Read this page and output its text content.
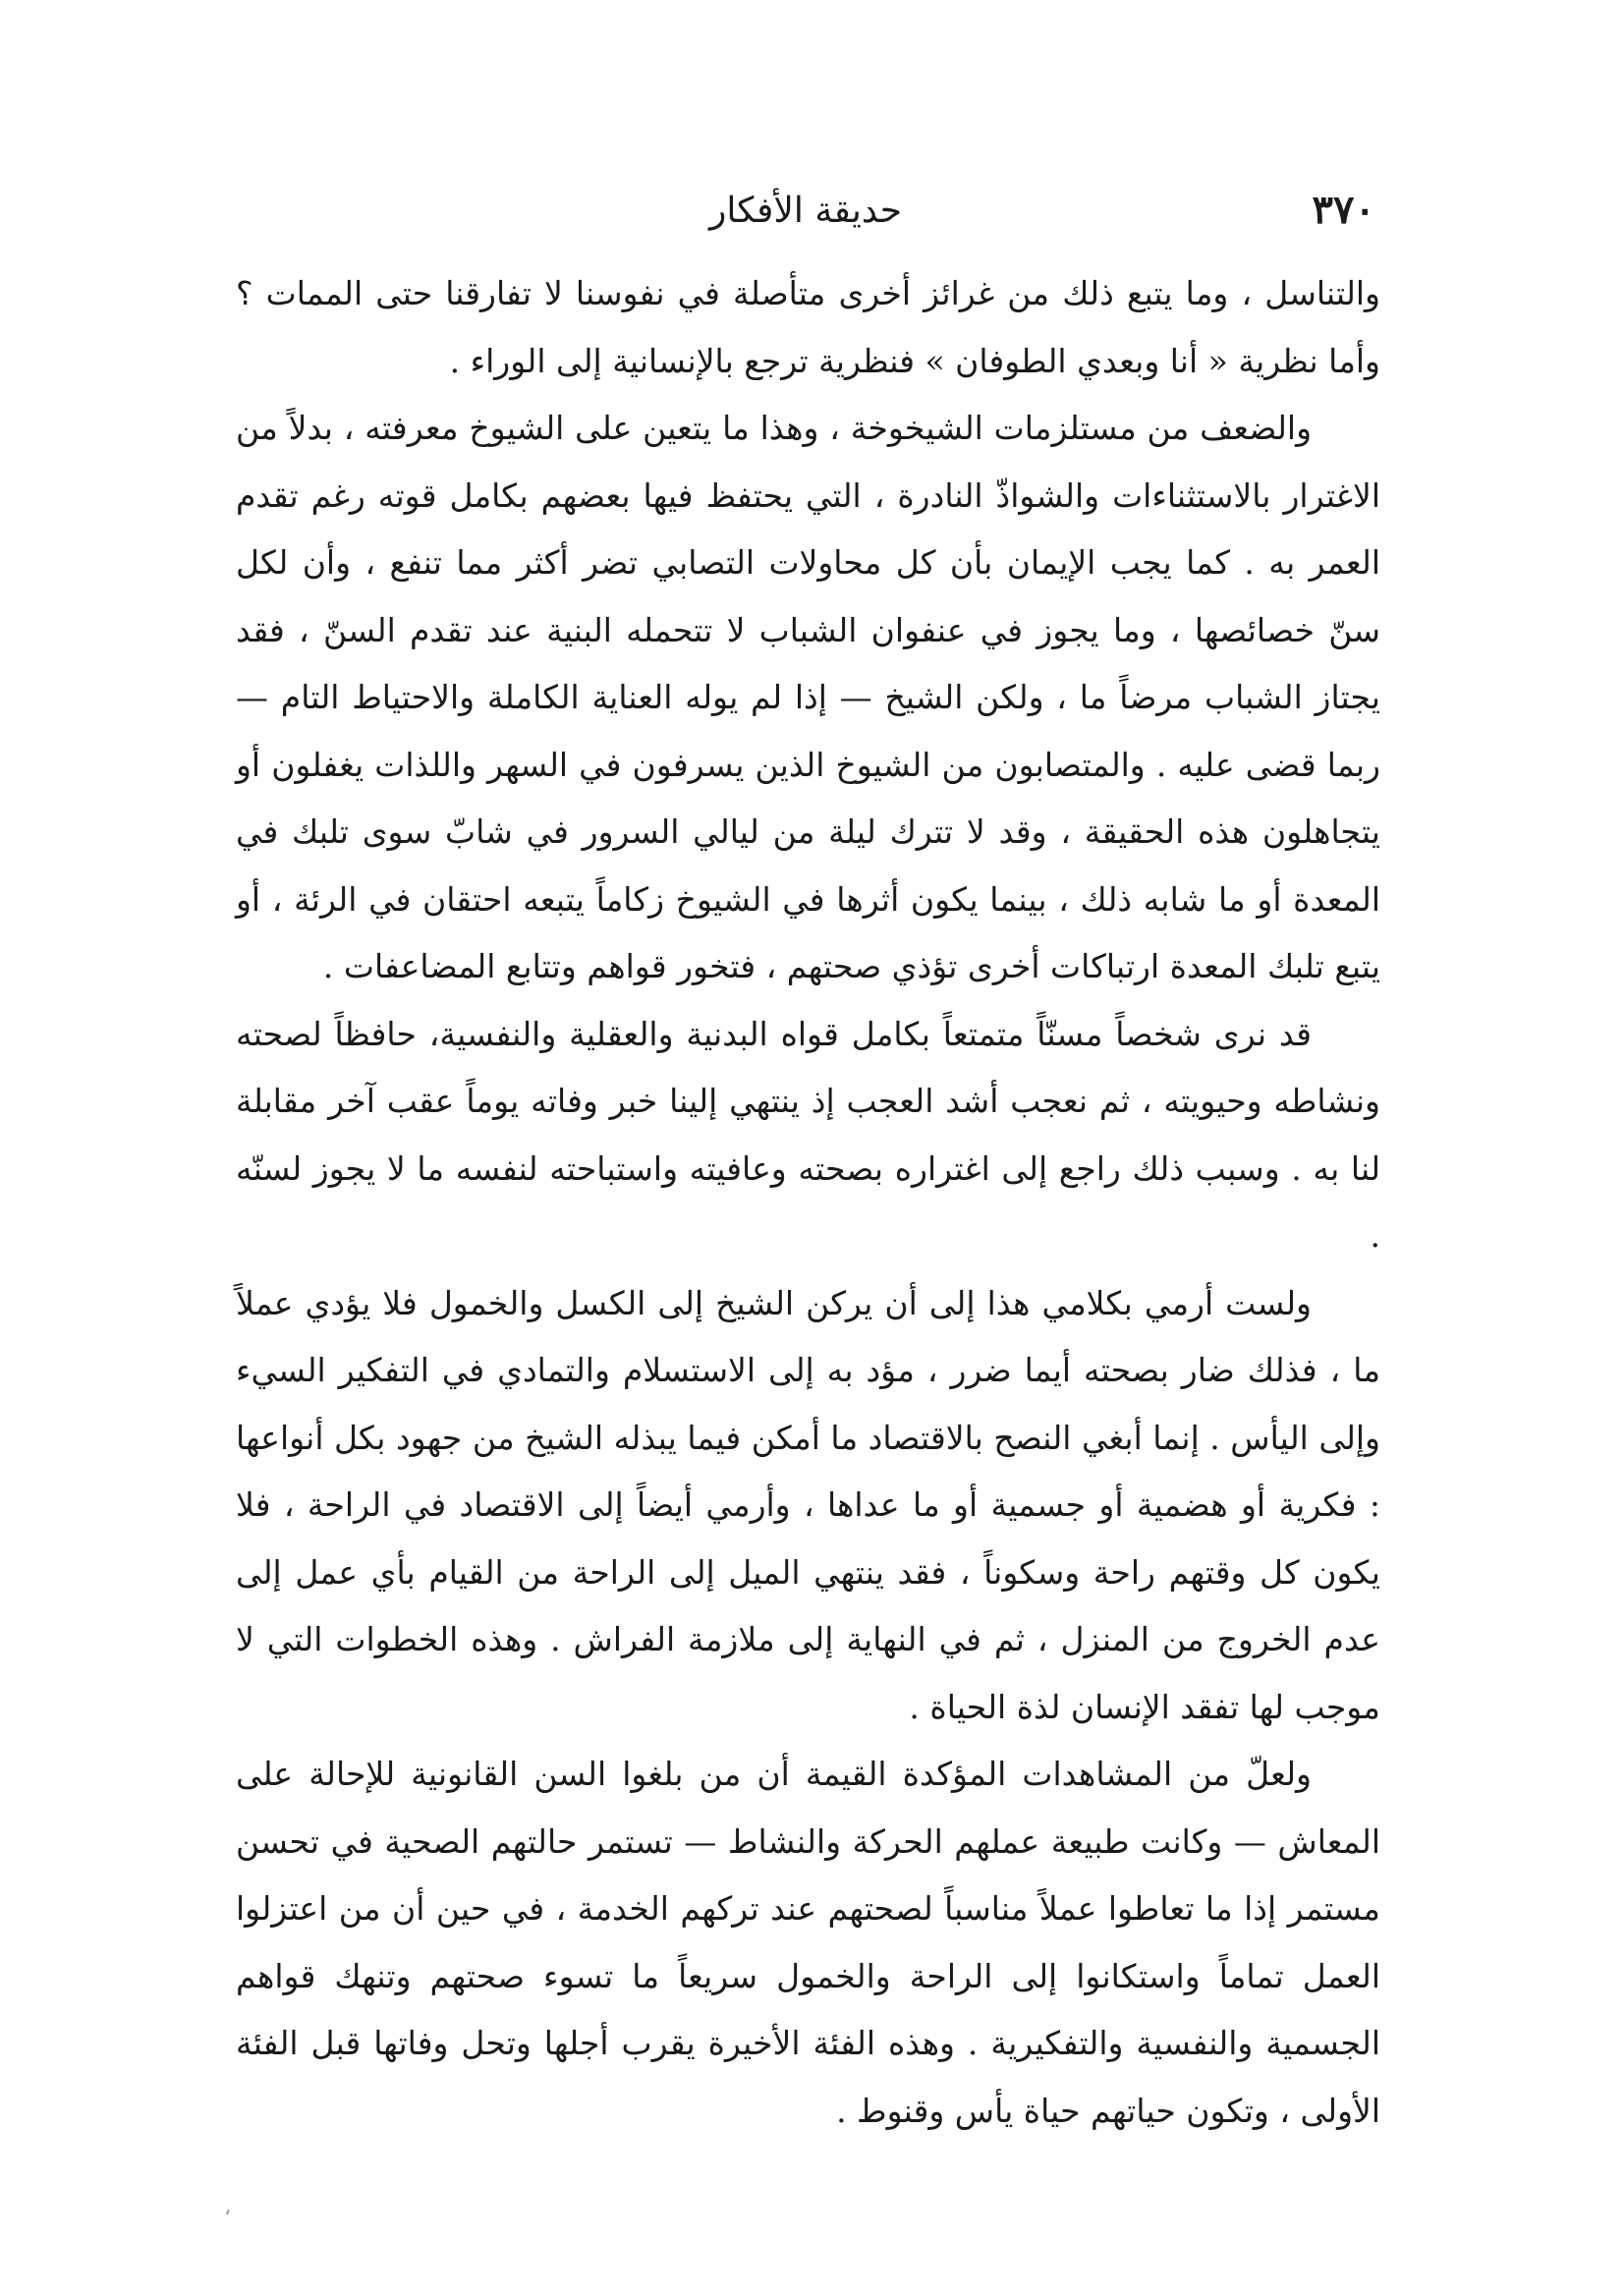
٣٧٠
حديقة الأفكار

والتناسل ، وما يتبع ذلك من غرائز أخرى متأصلة في نفوسنا لا تفارقنا حتى الممات ؟ وأما نظرية « أنا وبعدي الطوفان » فنظرية ترجع بالإنسانية إلى الوراء .

والضعف من مستلزمات الشيخوخة ، وهذا ما يتعين على الشيوخ معرفته ، بدلاً من الاغترار بالاستثناءات والشواذّ النادرة ، التي يحتفظ فيها بعضهم بكامل قوته رغم تقدم العمر به . كما يجب الإيمان بأن كل محاولات التصابي تضر أكثر مما تنفع ، وأن لكل سنّ خصائصها ، وما يجوز في عنفوان الشباب لا تتحمله البنية عند تقدم السنّ ، فقد يجتاز الشباب مرضاً ما ، ولكن الشيخ — إذا لم يوله العناية الكاملة والاحتياط التام — ربما قضى عليه . والمتصابون من الشيوخ الذين يسرفون في السهر واللذات يغفلون أو يتجاهلون هذه الحقيقة ، وقد لا تترك ليلة من ليالي السرور في شابّ سوى تلبك في المعدة أو ما شابه ذلك ، بينما يكون أثرها في الشيوخ زكاماً يتبعه احتقان في الرئة ، أو يتبع تلبك المعدة ارتباكات أخرى تؤذي صحتهم ، فتخور قواهم وتتابع المضاعفات .

قد نرى شخصاً مسنّاً متمتعاً بكامل قواه البدنية والعقلية والنفسية، حافظاً لصحته ونشاطه وحيويته ، ثم نعجب أشد العجب إذ ينتهي إلينا خبر وفاته يوماً عقب آخر مقابلة لنا به . وسبب ذلك راجع إلى اغتراره بصحته وعافيته واستباحته لنفسه ما لا يجوز لسنّه .

ولست أرمي بكلامي هذا إلى أن يركن الشيخ إلى الكسل والخمول فلا يؤدي عملاً ما ، فذلك ضار بصحته أيما ضرر ، مؤد به إلى الاستسلام والتمادي في التفكير السيء وإلى اليأس . إنما أبغي النصح بالاقتصاد ما أمكن فيما يبذله الشيخ من جهود بكل أنواعها : فكرية أو هضمية أو جسمية أو ما عداها ، وأرمي أيضاً إلى الاقتصاد في الراحة ، فلا يكون كل وقتهم راحة وسكوناً ، فقد ينتهي الميل إلى الراحة من القيام بأي عمل إلى عدم الخروج من المنزل ، ثم في النهاية إلى ملازمة الفراش . وهذه الخطوات التي لا موجب لها تفقد الإنسان لذة الحياة .

ولعلّ من المشاهدات المؤكدة القيمة أن من بلغوا السن القانونية للإحالة على المعاش — وكانت طبيعة عملهم الحركة والنشاط — تستمر حالتهم الصحية في تحسن مستمر إذا ما تعاطوا عملاً مناسباً لصحتهم عند تركهم الخدمة ، في حين أن من اعتزلوا العمل تماماً واستكانوا إلى الراحة والخمول سريعاً ما تسوء صحتهم وتنهك قواهم الجسمية والنفسية والتفكيرية . وهذه الفئة الأخيرة يقرب أجلها وتحل وفاتها قبل الفئة الأولى ، وتكون حياتهم حياة يأس وقنوط .

،
